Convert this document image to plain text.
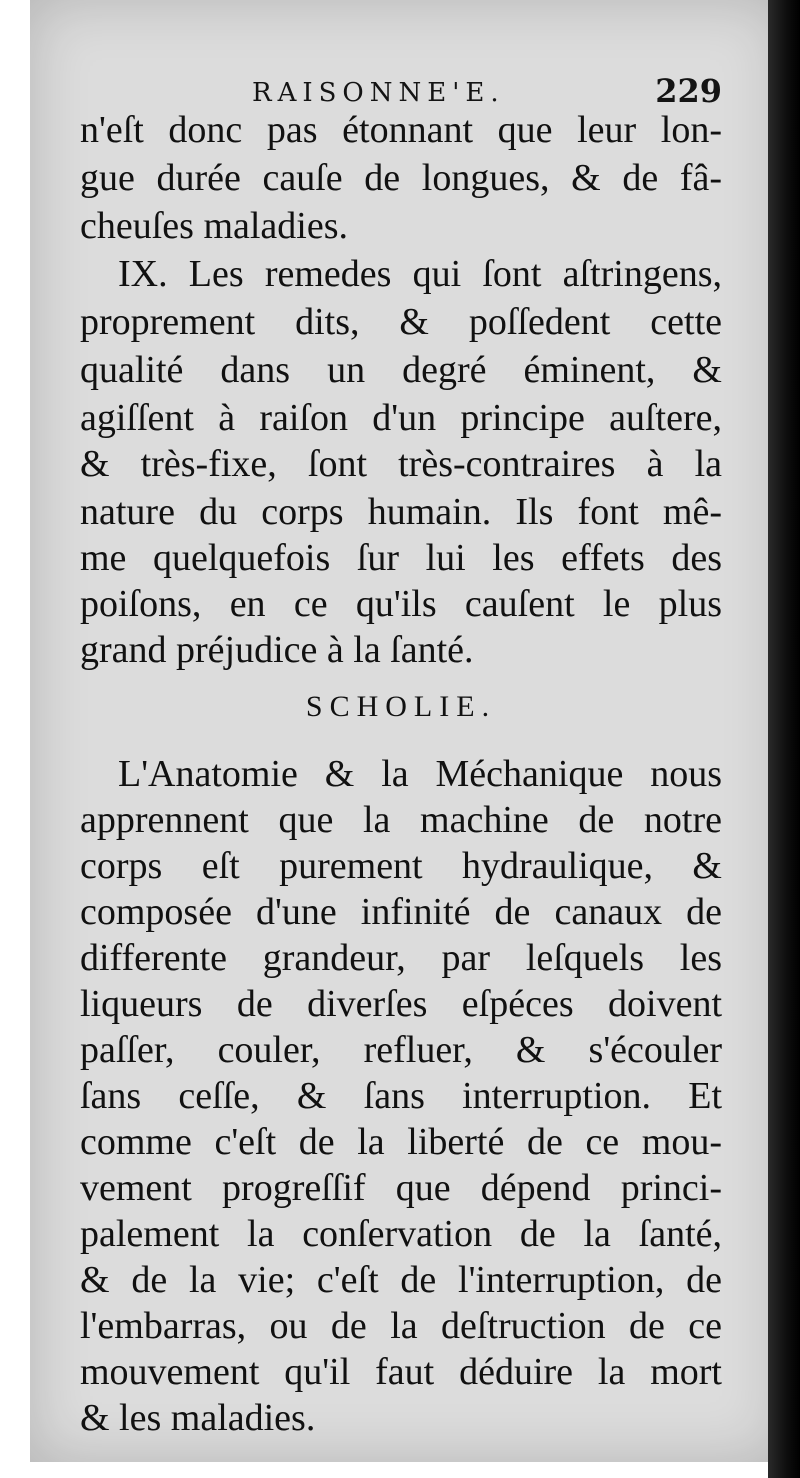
RAISONNE'E.	229
n'eſt donc pas étonnant que leur lon-
gue durée cauſe de longues, & de fâ-
cheuſes maladies.
IX. Les remedes qui ſont aſtringens,
proprement dits, & poſſedent cette
qualité dans un degré éminent, &
agiſſent à raiſon d'un principe auſtere,
& très-fixe, ſont très-contraires à la
nature du corps humain. Ils font mê-
me quelquefois ſur lui les effets des
poiſons, en ce qu'ils cauſent le plus
grand préjudice à la ſanté.
SCHOLIE.
L'Anatomie & la Méchanique nous
apprennent que la machine de notre
corps eſt purement hydraulique, &
composée d'une infinité de canaux de
differente grandeur, par leſquels les
liqueurs de diverſes eſpéces doivent
paſſer, couler, refluer, & s'écouler
ſans ceſſe, & ſans interruption. Et
comme c'eſt de la liberté de ce mou-
vement progreſſif que dépend princi-
palement la conſervation de la ſanté,
& de la vie; c'eſt de l'interruption, de
l'embarras, ou de la deſtruction de ce
mouvement qu'il faut déduire la mort
& les maladies.
